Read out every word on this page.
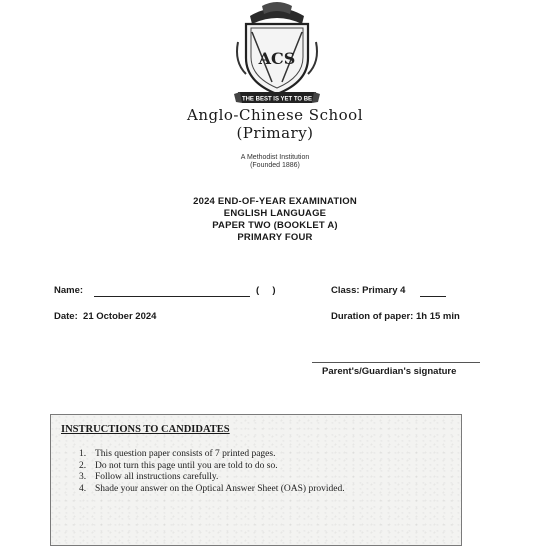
ACS
THE BEST IS YET TO BE
Anglo-Chinese School
(Primary)
A Methodist Institution
(Founded 1886)
2024 END-OF-YEAR EXAMINATION
ENGLISH LANGUAGE
PAPER TWO (BOOKLET A)
PRIMARY FOUR
Name:	(     )	Class: Primary 4
Date:  21 October 2024	Duration of paper: 1h 15 min
Parent's/Guardian's signature
INSTRUCTIONS TO CANDIDATES
1. This question paper consists of 7 printed pages.
2. Do not turn this page until you are told to do so.
3. Follow all instructions carefully.
4. Shade your answer on the Optical Answer Sheet (OAS) provided.
